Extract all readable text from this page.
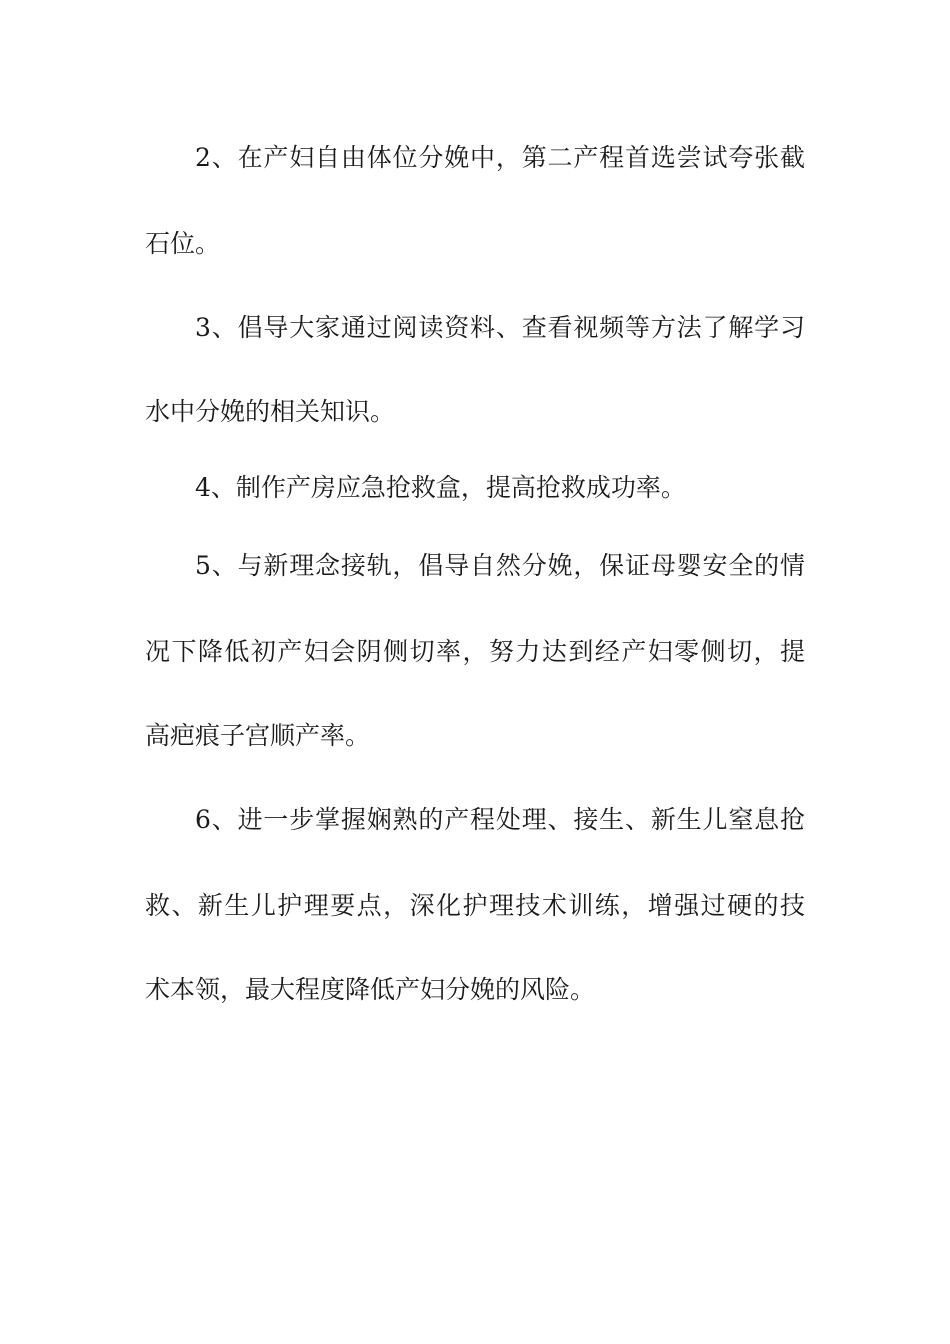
2、在产妇自由体位分娩中，第二产程首选尝试夸张截
石位。
3、倡导大家通过阅读资料、查看视频等方法了解学习
水中分娩的相关知识。
4、制作产房应急抢救盒，提高抢救成功率。
5、与新理念接轨，倡导自然分娩，保证母婴安全的情
况下降低初产妇会阴侧切率，努力达到经产妇零侧切，提
高疤痕子宫顺产率。
6、进一步掌握娴熟的产程处理、接生、新生儿窒息抢
救、新生儿护理要点，深化护理技术训练，增强过硬的技
术本领，最大程度降低产妇分娩的风险。
